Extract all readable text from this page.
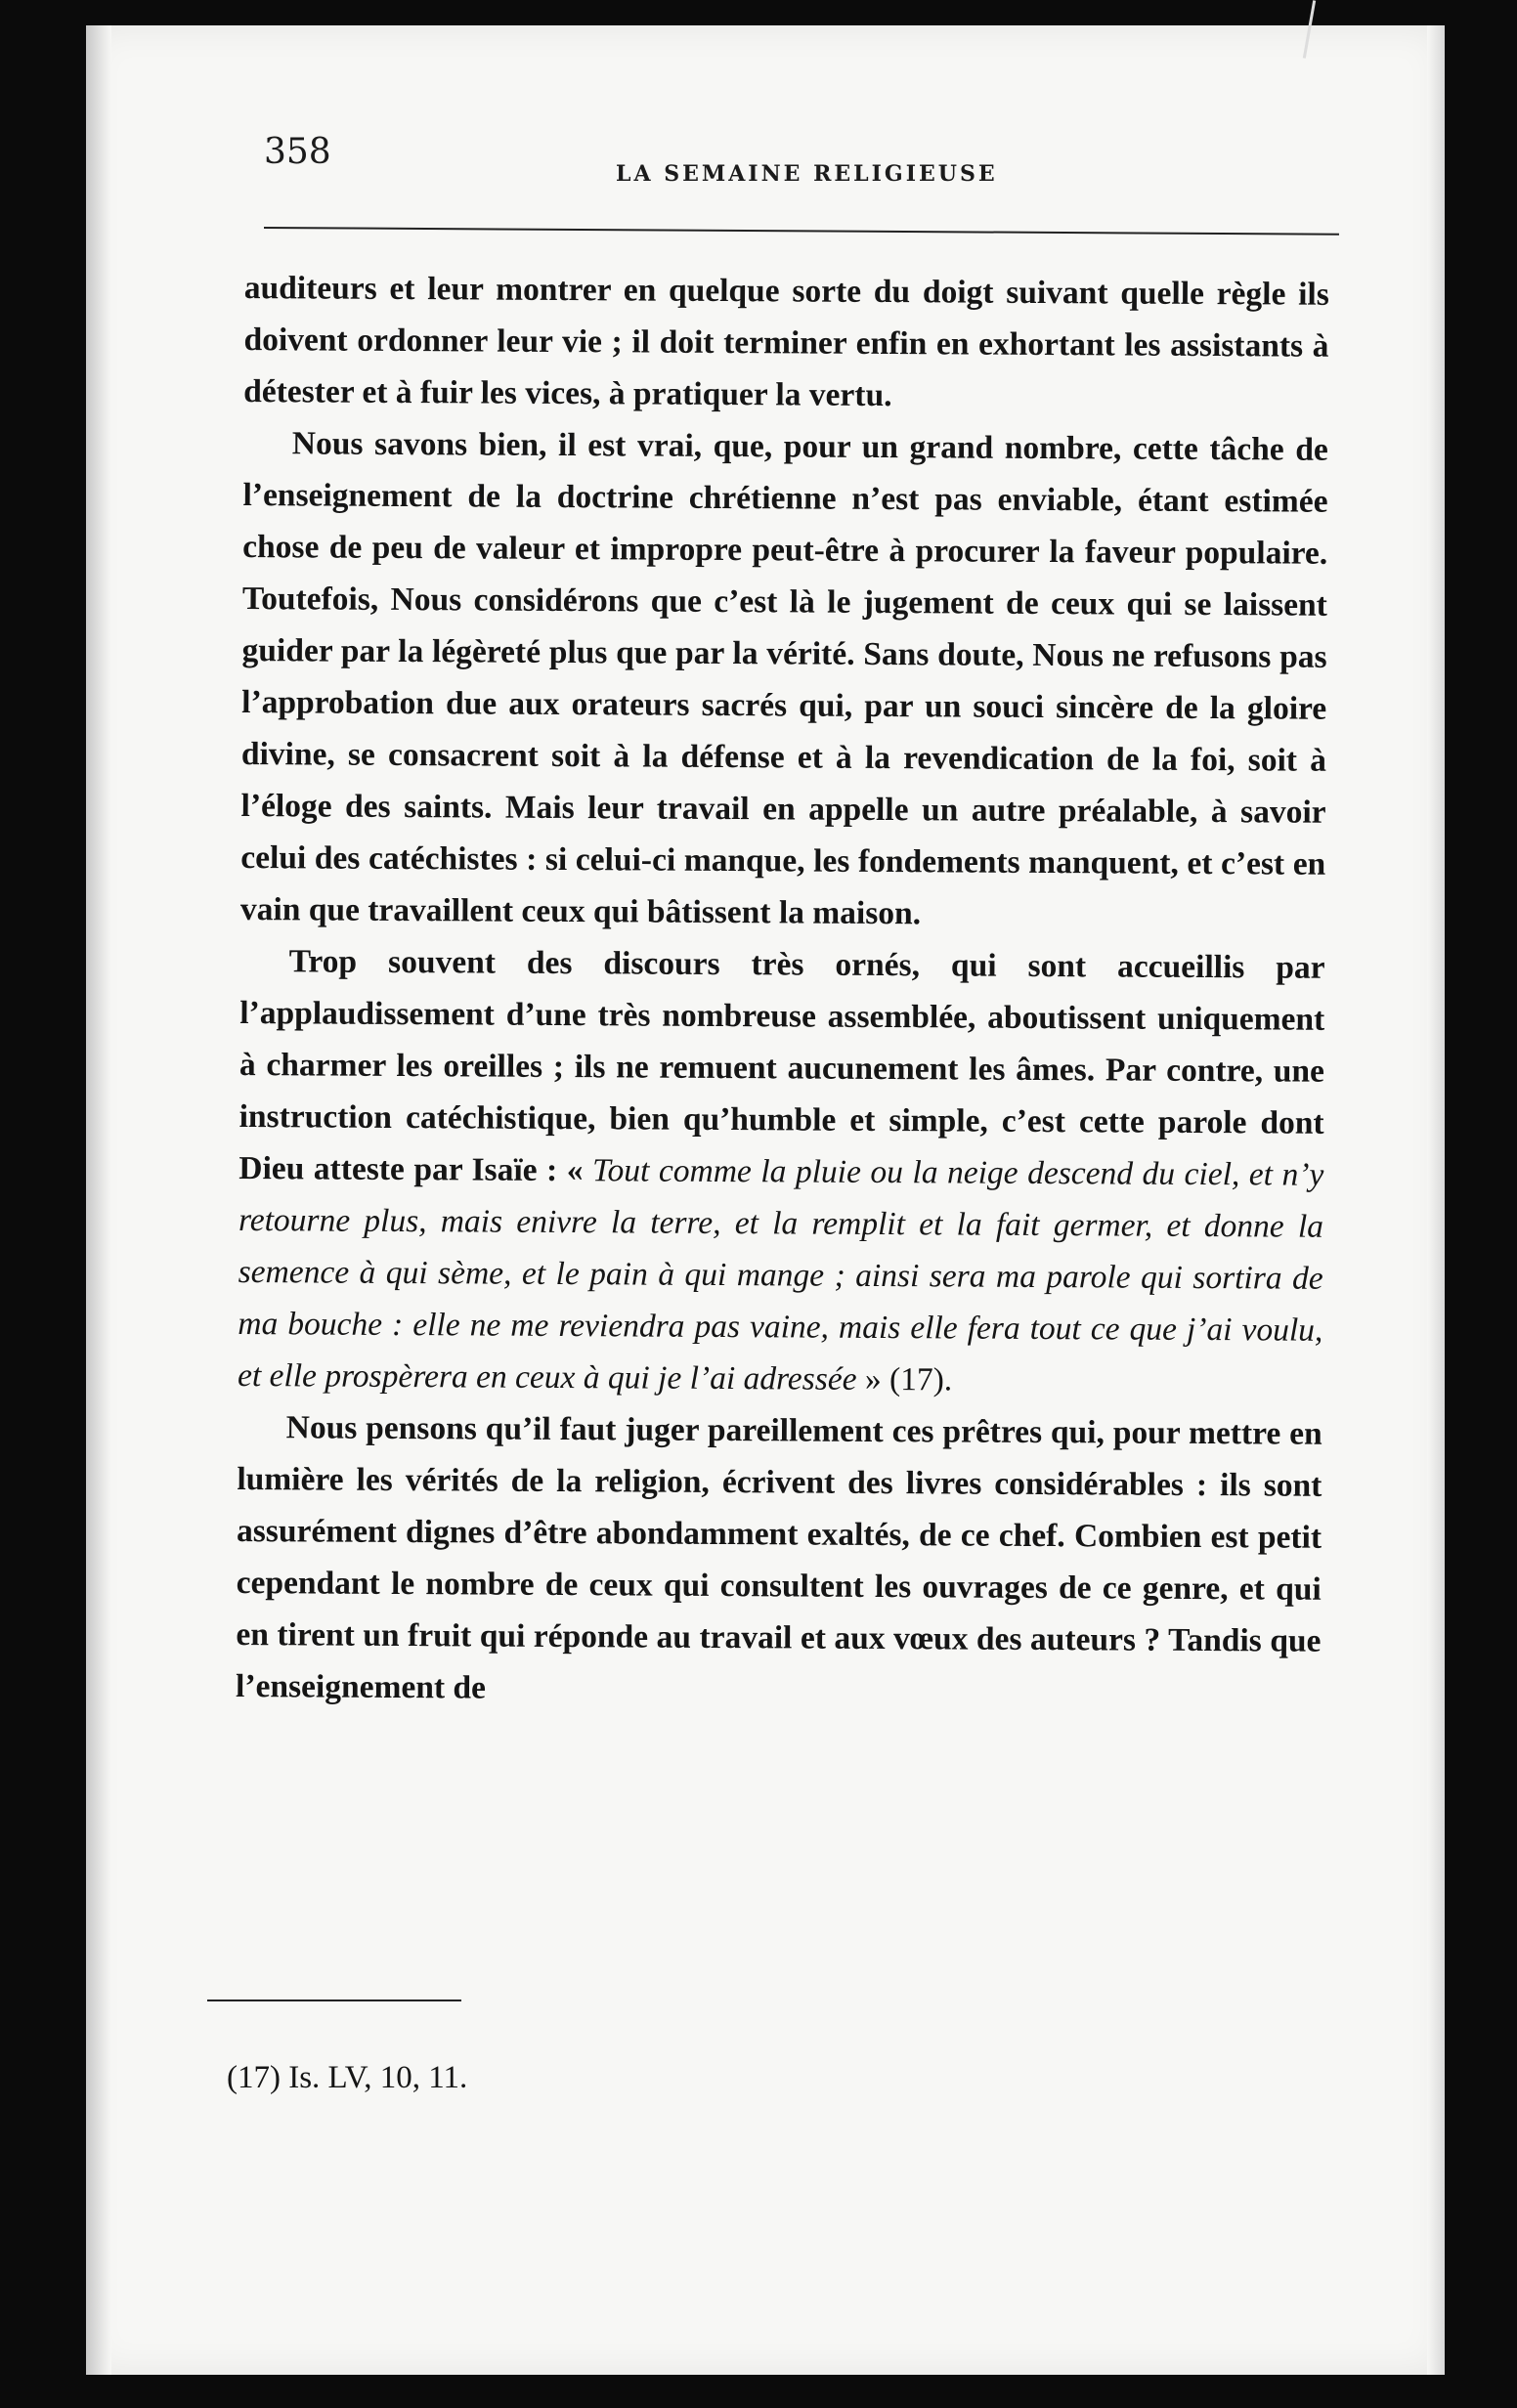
358
LA SEMAINE RELIGIEUSE

auditeurs et leur montrer en quelque sorte du doigt suivant quelle règle ils doivent ordonner leur vie ; il doit terminer enfin en exhortant les assistants à détester et à fuir les vices, à pratiquer la vertu.

Nous savons bien, il est vrai, que, pour un grand nombre, cette tâche de l’enseignement de la doctrine chrétienne n’est pas enviable, étant estimée chose de peu de valeur et impropre peut-être à procurer la faveur populaire. Toutefois, Nous considérons que c’est là le jugement de ceux qui se laissent guider par la légèreté plus que par la vérité. Sans doute, Nous ne refusons pas l’approbation due aux orateurs sacrés qui, par un souci sincère de la gloire divine, se consacrent soit à la défense et à la revendication de la foi, soit à l’éloge des saints. Mais leur travail en appelle un autre préalable, à savoir celui des catéchistes : si celui-ci manque, les fondements manquent, et c’est en vain que travaillent ceux qui bâtissent la maison.

Trop souvent des discours très ornés, qui sont accueillis par l’applaudissement d’une très nombreuse assemblée, aboutissent uniquement à charmer les oreilles ; ils ne remuent aucunement les âmes. Par contre, une instruction catéchistique, bien qu’humble et simple, c’est cette parole dont Dieu atteste par Isaïe : « Tout comme la pluie ou la neige descend du ciel, et n’y retourne plus, mais enivre la terre, et la remplit et la fait germer, et donne la semence à qui sème, et le pain à qui mange ; ainsi sera ma parole qui sortira de ma bouche : elle ne me reviendra pas vaine, mais elle fera tout ce que j’ai voulu, et elle prospèrera en ceux à qui je l’ai adressée » (17).

Nous pensons qu’il faut juger pareillement ces prêtres qui, pour mettre en lumière les vérités de la religion, écrivent des livres considérables : ils sont assurément dignes d’être abondamment exaltés, de ce chef. Combien est petit cependant le nombre de ceux qui consultent les ouvrages de ce genre, et qui en tirent un fruit qui réponde au travail et aux vœux des auteurs ? Tandis que l’enseignement de

(17) Is. LV, 10, 11.
